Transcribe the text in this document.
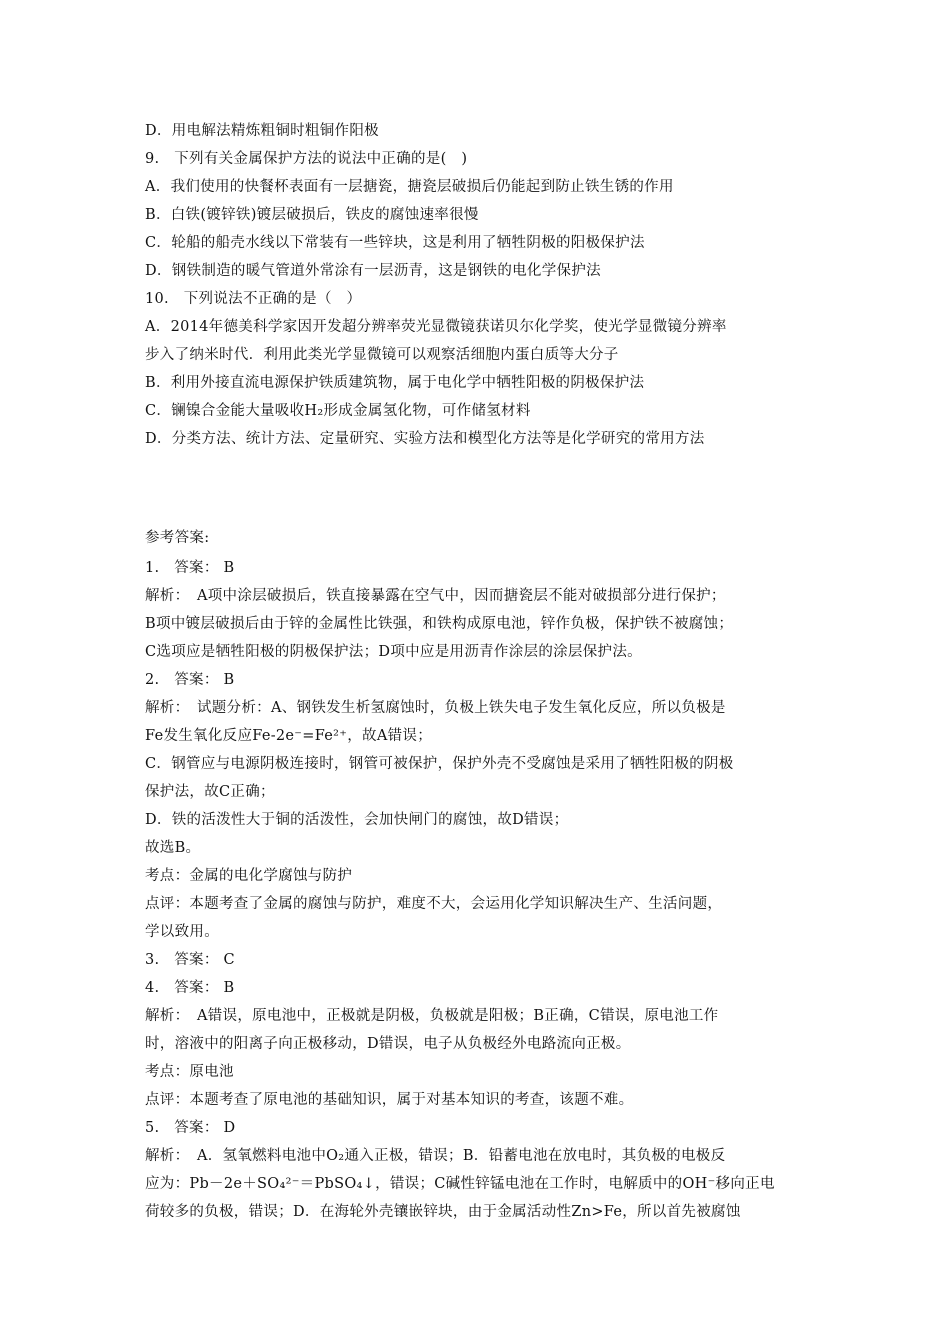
D．用电解法精炼粗铜时粗铜作阳极
9.　下列有关金属保护方法的说法中正确的是(　)
A．我们使用的快餐杯表面有一层搪瓷，搪瓷层破损后仍能起到防止铁生锈的作用
B．白铁(镀锌铁)镀层破损后，铁皮的腐蚀速率很慢
C．轮船的船壳水线以下常装有一些锌块，这是利用了牺牲阴极的阳极保护法
D．钢铁制造的暖气管道外常涂有一层沥青，这是钢铁的电化学保护法
10.　下列说法不正确的是（　）
A．2014年德美科学家因开发超分辨率荧光显微镜获诺贝尔化学奖，使光学显微镜分辨率
步入了纳米时代．利用此类光学显微镜可以观察活细胞内蛋白质等大分子
B．利用外接直流电源保护铁质建筑物，属于电化学中牺牲阳极的阴极保护法
C．镧镍合金能大量吸收H₂形成金属氢化物，可作储氢材料
D．分类方法、统计方法、定量研究、实验方法和模型化方法等是化学研究的常用方法
参考答案:
1.　答案： B
解析：　A项中涂层破损后，铁直接暴露在空气中，因而搪瓷层不能对破损部分进行保护；
B项中镀层破损后由于锌的金属性比铁强，和铁构成原电池，锌作负极，保护铁不被腐蚀；
C选项应是牺牲阳极的阴极保护法；D项中应是用沥青作涂层的涂层保护法。
2.　答案： B
解析：　试题分析：A、钢铁发生析氢腐蚀时，负极上铁失电子发生氧化反应，所以负极是
Fe发生氧化反应Fe-2e⁻=Fe²⁺，故A错误；
C．钢管应与电源阴极连接时，钢管可被保护，保护外壳不受腐蚀是采用了牺牲阳极的阴极
保护法，故C正确；
D．铁的活泼性大于铜的活泼性，会加快闸门的腐蚀，故D错误；
故选B。
考点：金属的电化学腐蚀与防护
点评：本题考查了金属的腐蚀与防护，难度不大，会运用化学知识解决生产、生活问题，
学以致用。
3.　答案： C
4.　答案： B
解析：　A错误，原电池中，正极就是阴极，负极就是阳极；B正确，C错误，原电池工作
时，溶液中的阳离子向正极移动，D错误，电子从负极经外电路流向正极。
考点：原电池
点评：本题考查了原电池的基础知识，属于对基本知识的考查，该题不难。
5.　答案： D
解析：　A．氢氧燃料电池中O₂通入正极，错误；B．铅蓄电池在放电时，其负极的电极反
应为：Pb－2e＋SO₄²⁻＝PbSO₄↓，错误；C碱性锌锰电池在工作时，电解质中的OH⁻移向正电
荷较多的负极，错误；D．在海轮外壳镶嵌锌块，由于金属活动性Zn>Fe，所以首先被腐蚀
